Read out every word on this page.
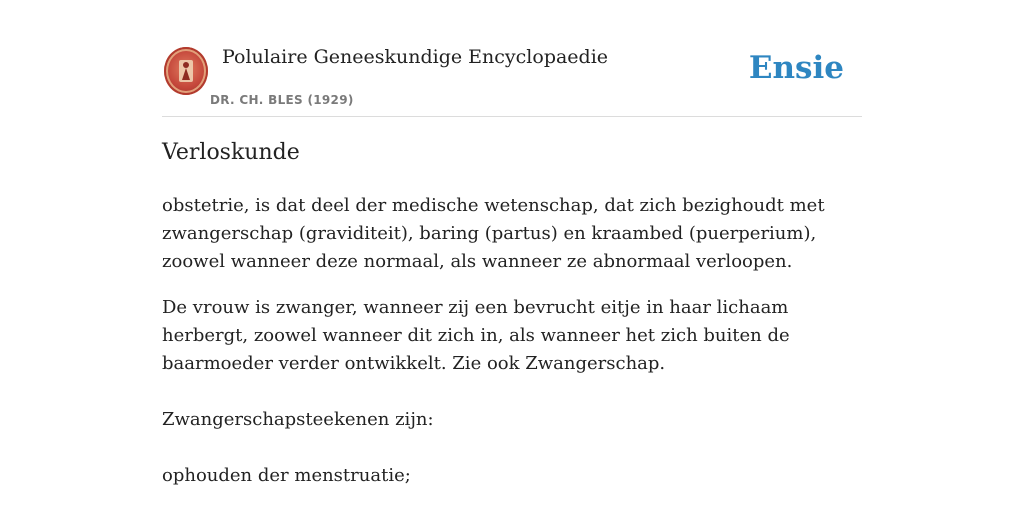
Polulaire Geneeskundige Encyclopaedie
DR. CH. BLES (1929)
Ensie
Verloskunde

obstetrie, is dat deel der medische wetenschap, dat zich bezighoudt met zwangerschap (graviditeit), baring (partus) en kraambed (puerperium), zoowel wanneer deze normaal, als wanneer ze abnormaal verloopen.

De vrouw is zwanger, wanneer zij een bevrucht eitje in haar lichaam herbergt, zoowel wanneer dit zich in, als wanneer het zich buiten de baarmoeder verder ontwikkelt. Zie ook Zwangerschap.

Zwangerschapsteekenen zijn:

ophouden der menstruatie;
